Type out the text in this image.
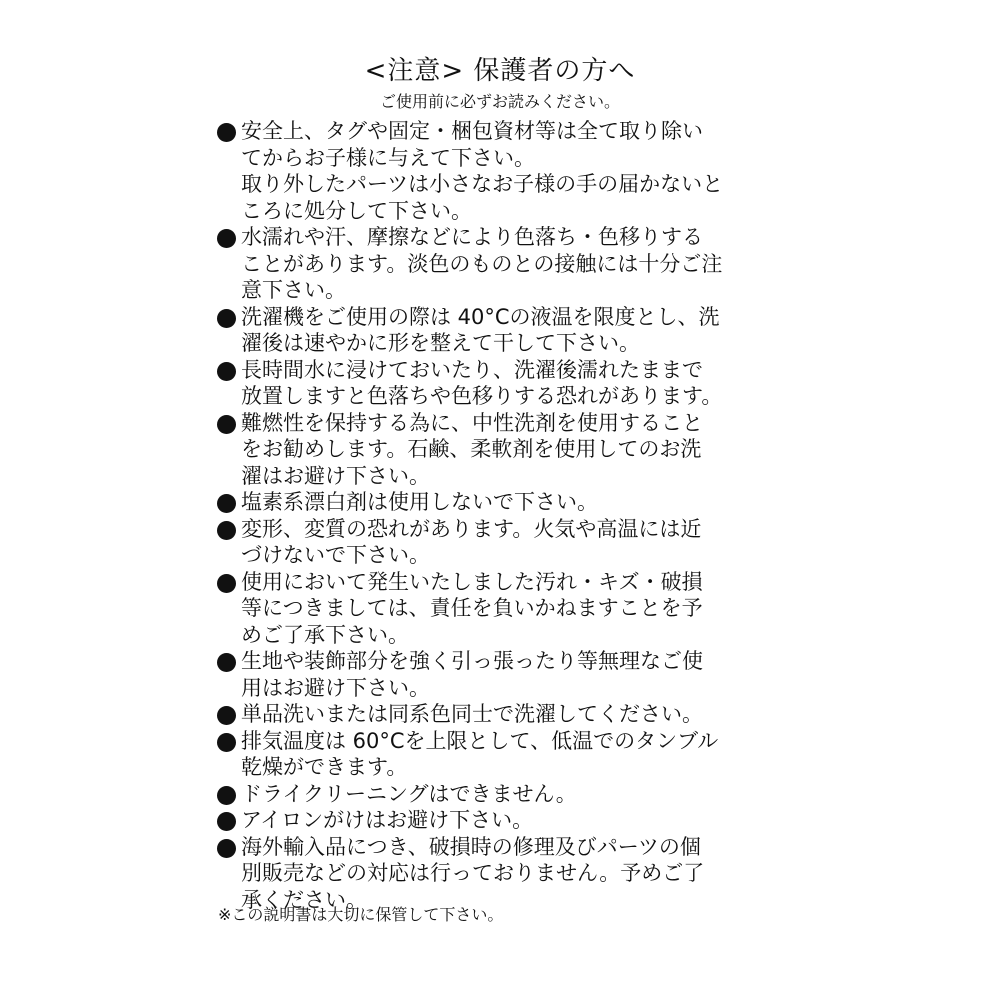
<注意> 保護者の方へ
ご使用前に必ずお読みください。
安全上、タグや固定・梱包資材等は全て取り除い
てからお子様に与えて下さい。
取り外したパーツは小さなお子様の手の届かないと
ころに処分して下さい。
水濡れや汗、摩擦などにより色落ち・色移りする
ことがあります。淡色のものとの接触には十分ご注
意下さい。
洗濯機をご使用の際は 40°Cの液温を限度とし、洗
濯後は速やかに形を整えて干して下さい。
長時間水に浸けておいたり、洗濯後濡れたままで
放置しますと色落ちや色移りする恐れがあります。
難燃性を保持する為に、中性洗剤を使用すること
をお勧めします。石鹸、柔軟剤を使用してのお洗
濯はお避け下さい。
塩素系漂白剤は使用しないで下さい。
変形、変質の恐れがあります。火気や高温には近
づけないで下さい。
使用において発生いたしました汚れ・キズ・破損
等につきましては、責任を負いかねますことを予
めご了承下さい。
生地や装飾部分を強く引っ張ったり等無理なご使
用はお避け下さい。
単品洗いまたは同系色同士で洗濯してください。
排気温度は 60°Cを上限として、低温でのタンブル
乾燥ができます。
ドライクリーニングはできません。
アイロンがけはお避け下さい。
海外輸入品につき、破損時の修理及びパーツの個
別販売などの対応は行っておりません。予めご了
承ください。
※この説明書は大切に保管して下さい。
